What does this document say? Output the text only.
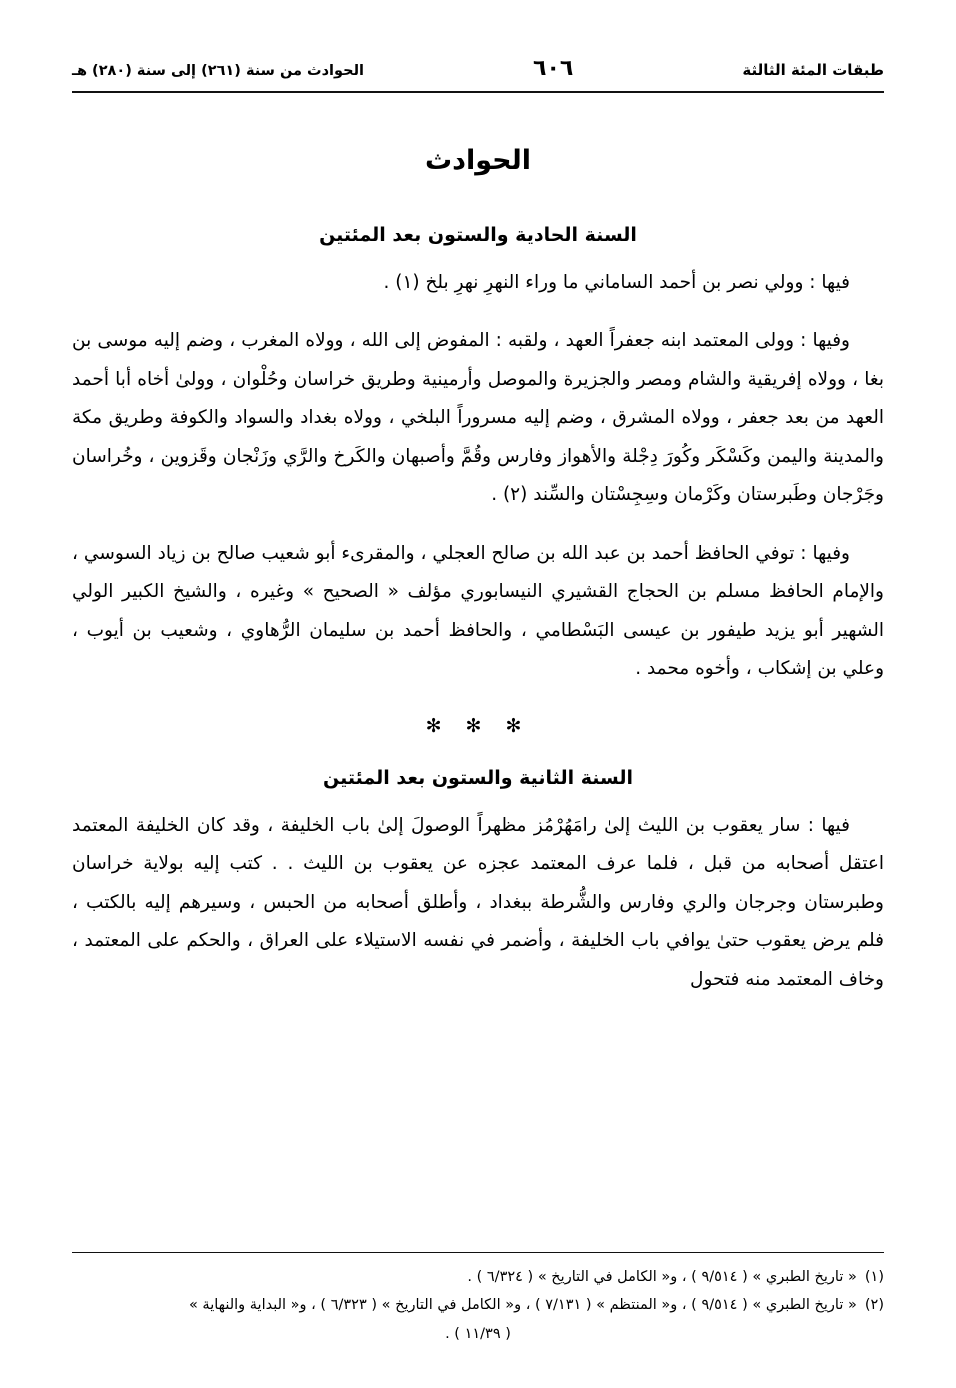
طبقات المئة الثالثة
٦٠٦
الحوادث من سنة (٢٦١) إلى سنة (٢٨٠) هـ
الحوادث
السنة الحادية والستون بعد المئتين

فيها : وولي نصر بن أحمد الساماني ما وراء النهرِ نهرِ بلخ (١) .

وفيها : وولى المعتمد ابنه جعفراً العهد ، ولقبه : المفوض إلى الله ، وولاه المغرب ، وضم إليه موسى بن بغا ، وولاه إفريقية والشام ومصر والجزيرة والموصل وأرمينية وطريق خراسان وحُلْوان ، وولىٰ أخاه أبا أحمد العهد من بعد جعفر ، وولاه المشرق ، وضم إليه مسروراً البلخي ، وولاه بغداد والسواد والكوفة وطريق مكة والمدينة واليمن وكَسْكَر وكُورَ دِجْلة والأهواز وفارس وقُمَّ وأصبهان والكَرخ والرَّي وزَنْجان وقَزوين ، وخُراسان وجَرْجان وطَبرستان وكَرْمان وسِجِسْتان والسِّند (٢) .

وفيها : توفي الحافظ أحمد بن عبد الله بن صالح العجلي ، والمقرىء أبو شعيب صالح بن زياد السوسي ، والإمام الحافظ مسلم بن الحجاج القشيري النيسابوري مؤلف « الصحيح » وغيره ، والشيخ الكبير الولي الشهير أبو يزيد طيفور بن عيسى البَسْطامي ، والحافظ أحمد بن سليمان الرُّهاوي ، وشعيب بن أيوب ، وعلي بن إشكاب ، وأخوه محمد .

✻ ✻ ✻
السنة الثانية والستون بعد المئتين

فيها : سار يعقوب بن الليث إلىٰ رامَهُرْمُز مظهراً الوصولَ إلىٰ باب الخليفة ، وقد كان الخليفة المعتمد اعتقل أصحابه من قبل ، فلما عرف المعتمد عجزه عن يعقوب بن الليث . . كتب إليه بولاية خراسان وطبرستان وجرجان والري وفارس والشُّرطة ببغداد ، وأطلق أصحابه من الحبس ، وسيرهم إليه بالكتب ، فلم يرض يعقوب حتىٰ يوافي باب الخليفة ، وأضمر في نفسه الاستيلاء على العراق ، والحكم على المعتمد ، وخاف المعتمد منه فتحول

(١)
« تاريخ الطبري » ( ٩/٥١٤ ) ، و« الكامل في التاريخ » ( ٦/٣٢٤ ) .
(٢)
« تاريخ الطبري » ( ٩/٥١٤ ) ، و« المنتظم » ( ٧/١٣١ ) ، و« الكامل في التاريخ » ( ٦/٣٢٣ ) ، و« البداية والنهاية »
( ١١/٣٩ ) .
